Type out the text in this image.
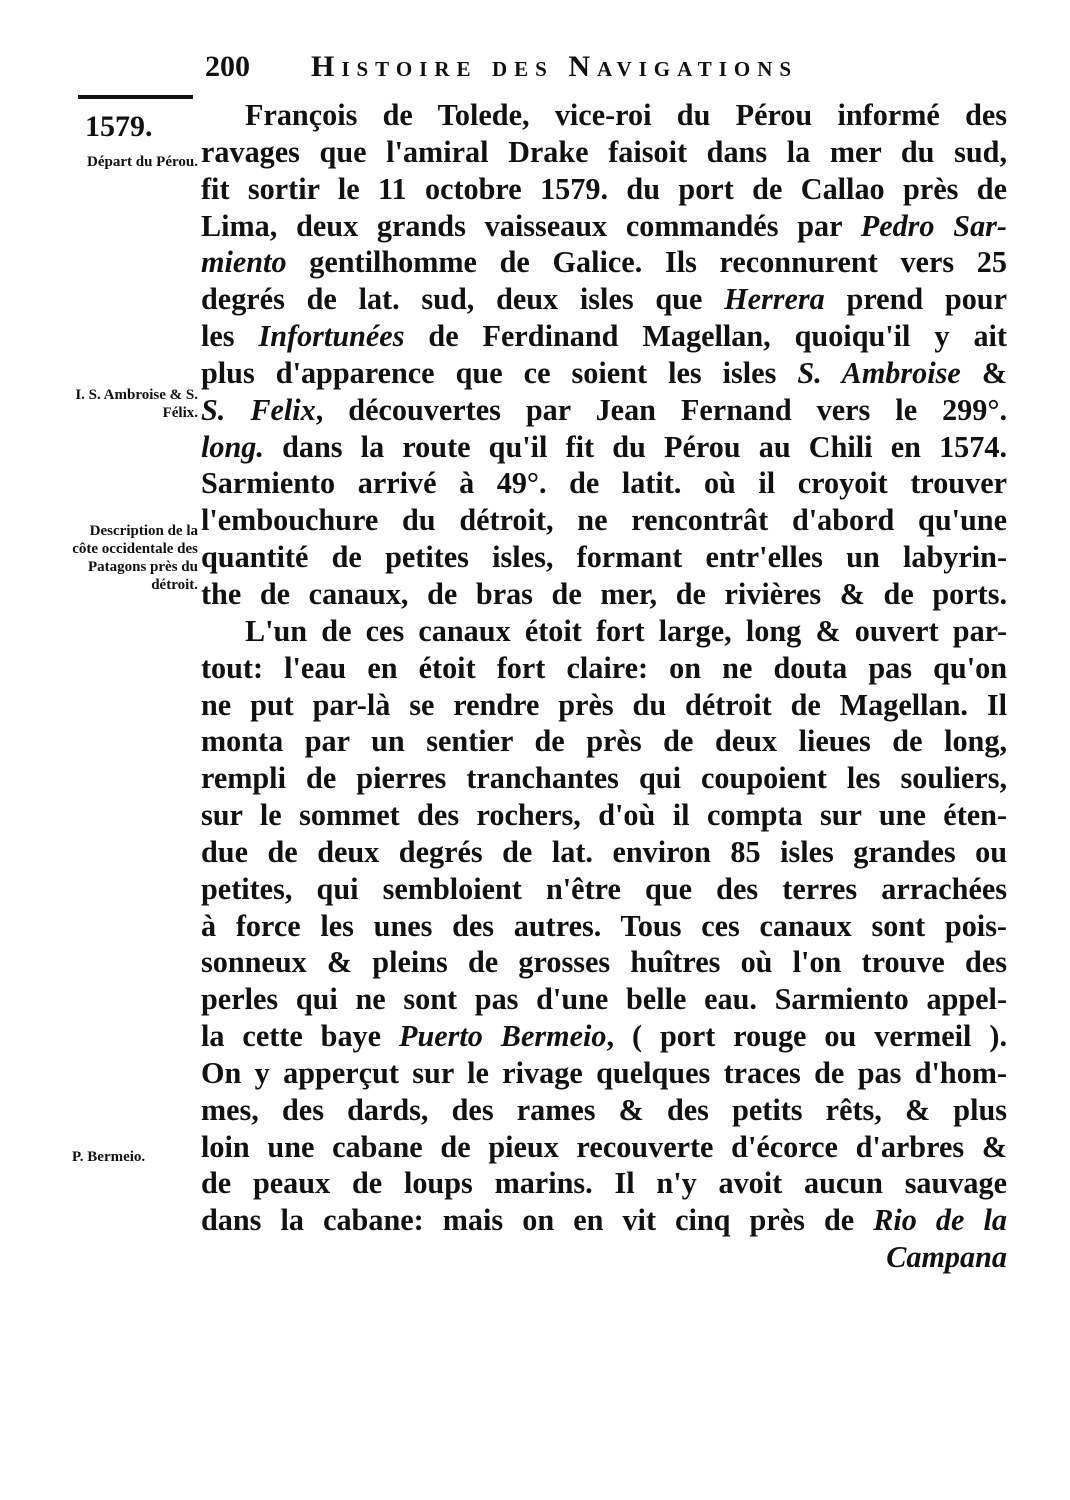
200 Histoire des Navigations
1579.
Départ du Pérou.
I. S. Ambroise & S. Félix.
Description de la côte occidentale des Patagons près du détroit.
P. Bermeio.
François de Tolede, vice-roi du Pérou informé des
ravages que l'amiral Drake faisoit dans la mer du sud,
fit sortir le 11 octobre 1579. du port de Callao près de
Lima, deux grands vaisseaux commandés par Pedro Sar-
miento gentilhomme de Galice. Ils reconnurent vers 25
degrés de lat. sud, deux isles que Herrera prend pour
les Infortunées de Ferdinand Magellan, quoiqu'il y ait
plus d'apparence que ce soient les isles S. Ambroise &
S. Felix, découvertes par Jean Fernand vers le 299°.
long. dans la route qu'il fit du Pérou au Chili en 1574.
Sarmiento arrivé à 49°. de latit. où il croyoit trouver
l'embouchure du détroit, ne rencontrât d'abord qu'une
quantité de petites isles, formant entr'elles un labyrin-
the de canaux, de bras de mer, de rivières & de ports.
L'un de ces canaux étoit fort large, long & ouvert par-
tout: l'eau en étoit fort claire: on ne douta pas qu'on
ne put par-là se rendre près du détroit de Magellan. Il
monta par un sentier de près de deux lieues de long,
rempli de pierres tranchantes qui coupoient les souliers,
sur le sommet des rochers, d'où il compta sur une éten-
due de deux degrés de lat. environ 85 isles grandes ou
petites, qui sembloient n'être que des terres arrachées
à force les unes des autres. Tous ces canaux sont pois-
sonneux & pleins de grosses huîtres où l'on trouve des
perles qui ne sont pas d'une belle eau. Sarmiento appel-
la cette baye Puerto Bermeio, ( port rouge ou vermeil ).
On y apperçut sur le rivage quelques traces de pas d'hom-
mes, des dards, des rames & des petits rêts, & plus
loin une cabane de pieux recouverte d'écorce d'arbres &
de peaux de loups marins. Il n'y avoit aucun sauvage
dans la cabane: mais on en vit cinq près de Rio de la
Campana
